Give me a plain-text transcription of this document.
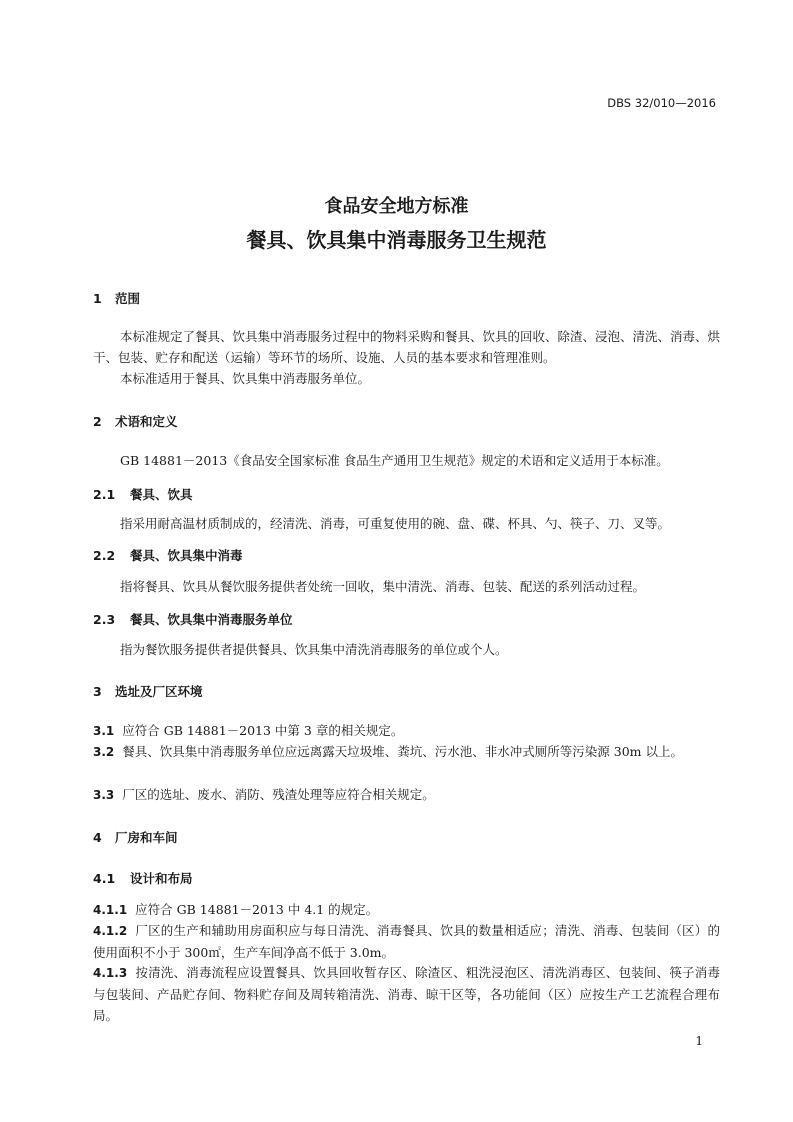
DBS 32/010—2016
食品安全地方标准
餐具、饮具集中消毒服务卫生规范
1 范围
本标准规定了餐具、饮具集中消毒服务过程中的物料采购和餐具、饮具的回收、除渣、浸泡、清洗、消毒、烘干、包装、贮存和配送（运输）等环节的场所、设施、人员的基本要求和管理准则。
本标准适用于餐具、饮具集中消毒服务单位。
2 术语和定义
GB 14881－2013《食品安全国家标准 食品生产通用卫生规范》规定的术语和定义适用于本标准。
2.1 餐具、饮具
指采用耐高温材质制成的，经清洗、消毒，可重复使用的碗、盘、碟、杯具、勺、筷子、刀、叉等。
2.2 餐具、饮具集中消毒
指将餐具、饮具从餐饮服务提供者处统一回收，集中清洗、消毒、包装、配送的系列活动过程。
2.3 餐具、饮具集中消毒服务单位
指为餐饮服务提供者提供餐具、饮具集中清洗消毒服务的单位或个人。
3 选址及厂区环境
3.1 应符合 GB 14881－2013 中第 3 章的相关规定。
3.2 餐具、饮具集中消毒服务单位应远离露天垃圾堆、粪坑、污水池、非水冲式厕所等污染源 30m 以上。
3.3 厂区的选址、废水、消防、残渣处理等应符合相关规定。
4 厂房和车间
4.1 设计和布局
4.1.1 应符合 GB 14881－2013 中 4.1 的规定。
4.1.2 厂区的生产和辅助用房面积应与每日清洗、消毒餐具、饮具的数量相适应；清洗、消毒、包装间（区）的使用面积不小于 300㎡，生产车间净高不低于 3.0m。
4.1.3 按清洗、消毒流程应设置餐具、饮具回收暂存区、除渣区、粗洗浸泡区、清洗消毒区、包装间、筷子消毒与包装间、产品贮存间、物料贮存间及周转箱清洗、消毒、晾干区等，各功能间（区）应按生产工艺流程合理布局。
1
